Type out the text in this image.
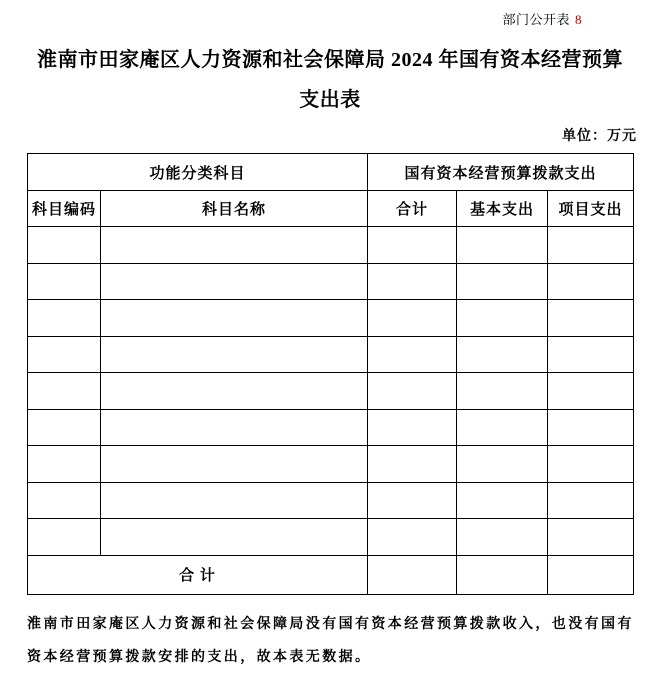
部门公开表 8
淮南市田家庵区人力资源和社会保障局 2024 年国有资本经营预算
支出表
单位：万元
功能分类科目		国有资本经营预算拨款支出		
科目编码	科目名称	合计	基本支出	项目支出

合 计				
淮南市田家庵区人力资源和社会保障局没有国有资本经营预算拨款收入，也没有国有
资本经营预算拨款安排的支出，故本表无数据。
